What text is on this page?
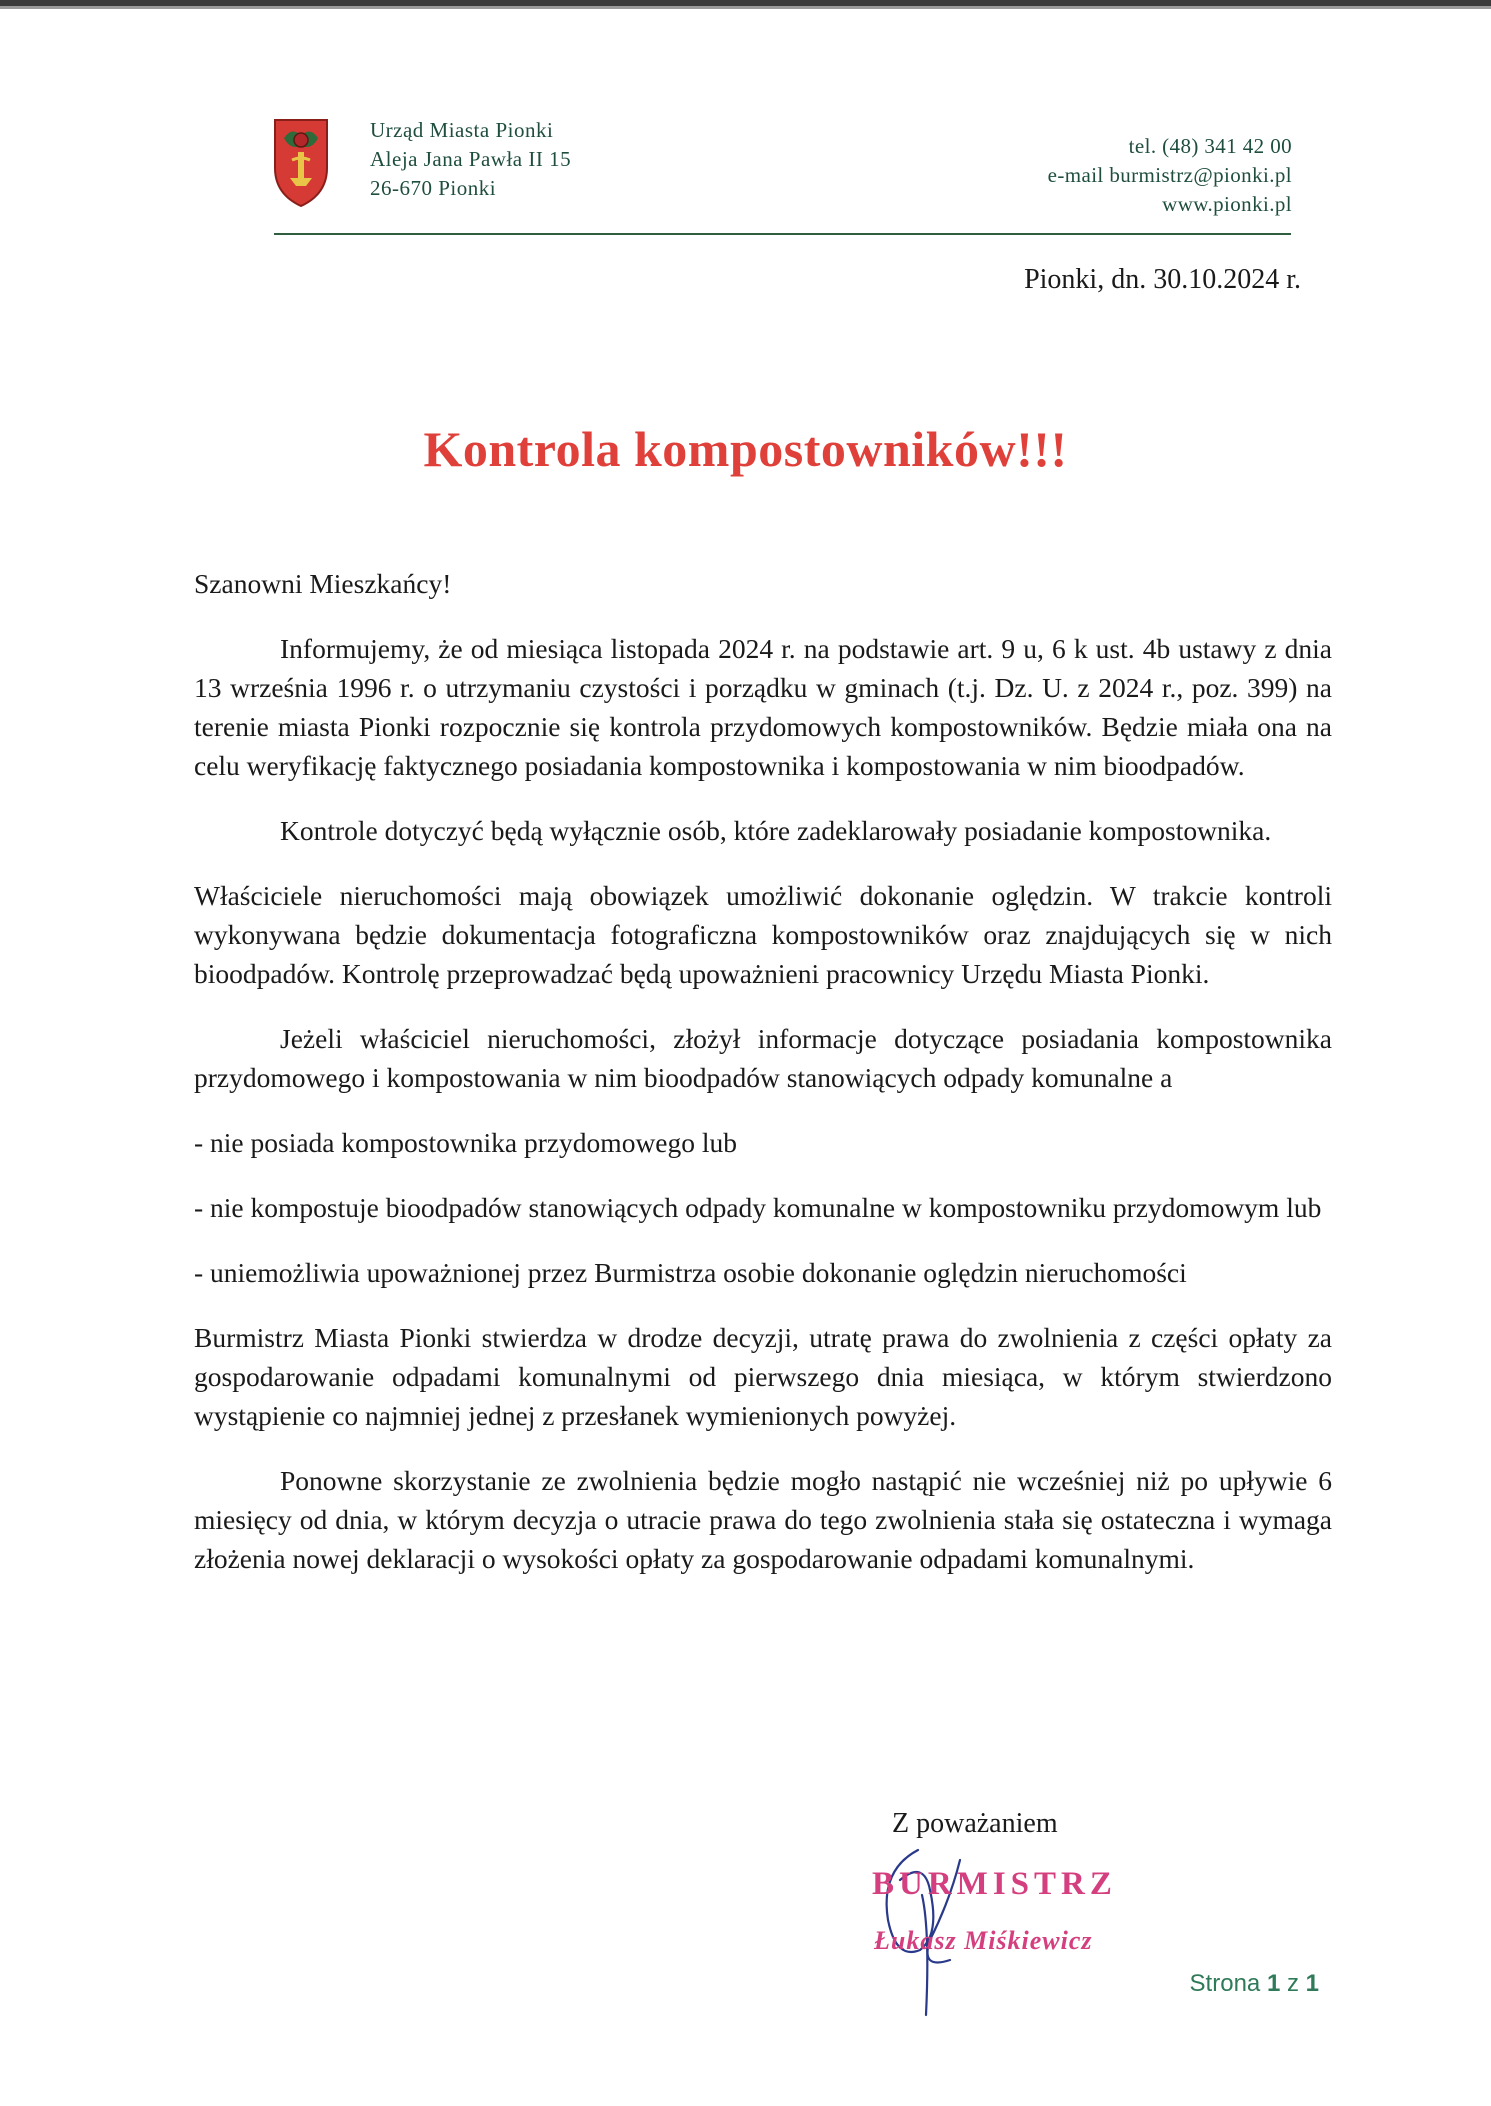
Urząd Miasta Pionki
Aleja Jana Pawła II 15
26-670 Pionki
tel. (48) 341 42 00
e-mail burmistrz@pionki.pl
www.pionki.pl
Pionki, dn. 30.10.2024 r.
Kontrola kompostowników!!!
Szanowni Mieszkańcy!
Informujemy, że od miesiąca listopada 2024 r. na podstawie art. 9 u, 6 k ust. 4b ustawy z dnia 13 września 1996 r. o utrzymaniu czystości i porządku w gminach (t.j. Dz. U. z 2024 r., poz. 399) na terenie miasta Pionki rozpocznie się kontrola przydomowych kompostowników. Będzie miała ona na celu weryfikację faktycznego posiadania kompostownika i kompostowania w nim bioodpadów.
Kontrole dotyczyć będą wyłącznie osób, które zadeklarowały posiadanie kompostownika.
Właściciele nieruchomości mają obowiązek umożliwić dokonanie oględzin. W trakcie kontroli wykonywana będzie dokumentacja fotograficzna kompostowników oraz znajdujących się w nich bioodpadów. Kontrolę przeprowadzać będą upoważnieni pracownicy Urzędu Miasta Pionki.
Jeżeli właściciel nieruchomości, złożył informacje dotyczące posiadania kompostownika przydomowego i kompostowania w nim bioodpadów stanowiących odpady komunalne a
- nie posiada kompostownika przydomowego lub
- nie kompostuje bioodpadów stanowiących odpady komunalne w kompostowniku przydomowym lub
- uniemożliwia upoważnionej przez Burmistrza osobie dokonanie oględzin nieruchomości
Burmistrz Miasta Pionki stwierdza w drodze decyzji, utratę prawa do zwolnienia z części opłaty za gospodarowanie odpadami komunalnymi od pierwszego dnia miesiąca, w którym stwierdzono wystąpienie co najmniej jednej z przesłanek wymienionych powyżej.
Ponowne skorzystanie ze zwolnienia będzie mogło nastąpić nie wcześniej niż po upływie 6 miesięcy od dnia, w którym decyzja o utracie prawa do tego zwolnienia stała się ostateczna i wymaga złożenia nowej deklaracji o wysokości opłaty za gospodarowanie odpadami komunalnymi.
Z poważaniem
BURMISTRZ
Łukasz Miśkiewicz
Strona 1 z 1
